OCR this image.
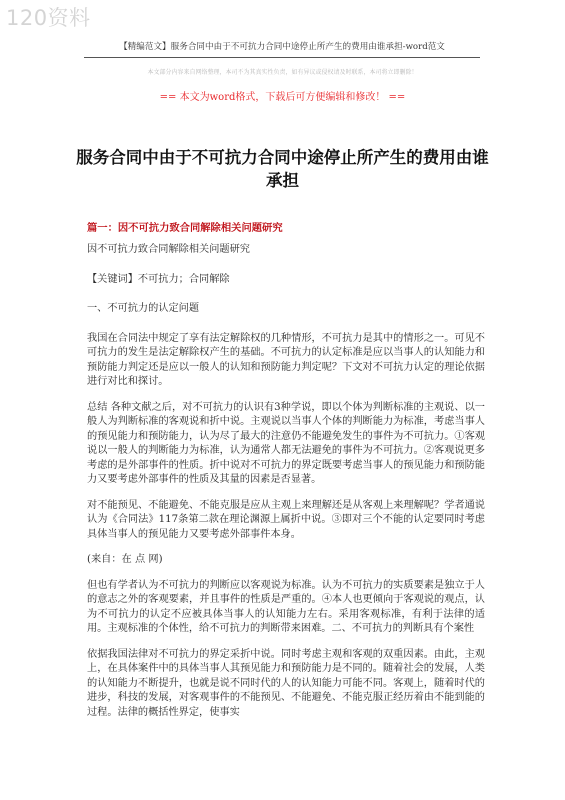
120资料
【精编范文】服务合同中由于不可抗力合同中途停止所产生的费用由谁承担-word范文
本文部分内容来自网络整理，本司不为其真实性负责，如有异议或侵权请及时联系，本司将立即删除！
== 本文为word格式，下载后可方便编辑和修改！ ==
服务合同中由于不可抗力合同中途停止所产生的费用由谁承担
篇一：因不可抗力致合同解除相关问题研究

因不可抗力致合同解除相关问题研究

【关键词】不可抗力；合同解除

一、不可抗力的认定问题

我国在合同法中规定了享有法定解除权的几种情形，不可抗力是其中的情形之一。可见不可抗力的发生是法定解除权产生的基础。不可抗力的认定标准是应以当事人的认知能力和预防能力判定还是应以一般人的认知和预防能力判定呢？下文对不可抗力认定的理论依据进行对比和探讨。

总结 各种文献之后，对不可抗力的认识有3种学说，即以个体为判断标准的主观说、以一般人为判断标准的客观说和折中说。主观说以当事人个体的判断能力为标准，考虑当事人的预见能力和预防能力，认为尽了最大的注意仍不能避免发生的事件为不可抗力。①客观说以一般人的判断能力为标准，认为通常人都无法避免的事件为不可抗力。②客观说更多考虑的是外部事件的性质。折中说对不可抗力的界定既要考虑当事人的预见能力和预防能力又要考虑外部事件的性质及其量的因素是否显著。

对不能预见、不能避免、不能克服是应从主观上来理解还是从客观上来理解呢？学者通说认为《合同法》117条第二款在理论渊源上属折中说。③即对三个不能的认定要同时考虑具体当事人的预见能力又要考虑外部事件本身。

(来自：在 点 网)

但也有学者认为不可抗力的判断应以客观说为标准。认为不可抗力的实质要素是独立于人的意志之外的客观要素，并且事件的性质是严重的。④本人也更倾向于客观说的观点，认为不可抗力的认定不应被具体当事人的认知能力左右。采用客观标准，有利于法律的适用。主观标准的个体性，给不可抗力的判断带来困难。二、不可抗力的判断具有个案性

依据我国法律对不可抗力的界定采折中说。同时考虑主观和客观的双重因素。由此，主观上，在具体案件中的具体当事人其预见能力和预防能力是不同的。随着社会的发展，人类的认知能力不断提升，也就是说不同时代的人的认知能力可能不同。客观上，随着时代的进步，科技的发展，对客观事件的不能预见、不能避免、不能克服正经历着由不能到能的过程。法律的概括性界定，使事实
